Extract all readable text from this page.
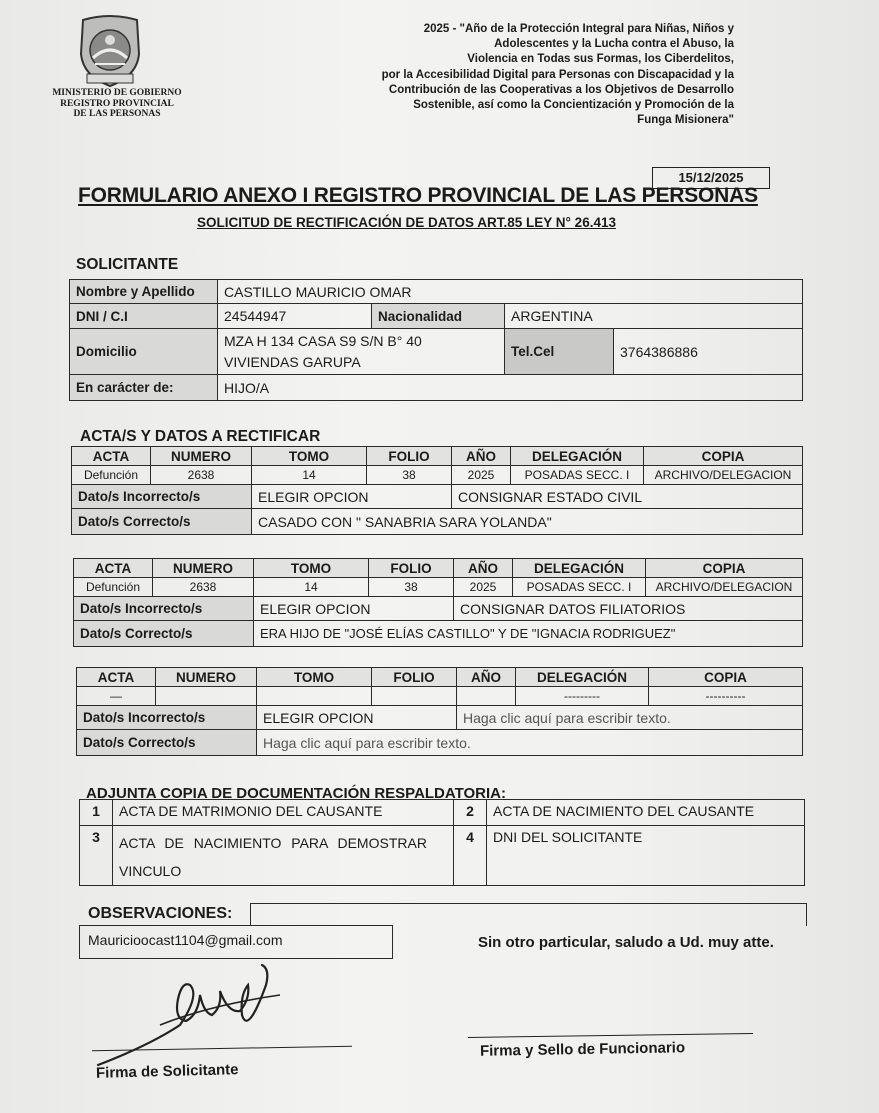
MINISTERIO DE GOBIERNO
REGISTRO PROVINCIAL
DE LAS PERSONAS
2025 - "Año de la Protección Integral para Niñas, Niños y
Adolescentes y la Lucha contra el Abuso, la
Violencia en Todas sus Formas, los Ciberdelitos,
por la Accesibilidad Digital para Personas con Discapacidad y la
Contribución de las Cooperativas a los Objetivos de Desarrollo
Sostenible, así como la Concientización y Promoción de la
Funga Misionera"
15/12/2025
FORMULARIO ANEXO I REGISTRO PROVINCIAL DE LAS PERSONAS
SOLICITUD DE RECTIFICACIÓN DE DATOS ART.85 LEY N° 26.413
SOLICITANTE
Nombre y Apellido	CASTILLO MAURICIO OMAR			
DNI / C.I	24544947	Nacionalidad	ARGENTINA	
Domicilio	MZA H 134 CASA S9 S/N B° 40
VIVIENDAS GARUPA		Tel.Cel	3764386886
En carácter de:	HIJO/A			
ACTA/S Y DATOS A RECTIFICAR
ACTA	NUMERO	TOMO	FOLIO	AÑO	DELEGACIÓN	COPIA
Defunción	2638	14	38	2025	POSADAS SECC. I	ARCHIVO/DELEGACION
Dato/s Incorrecto/s		ELEGIR OPCION		CONSIGNAR ESTADO CIVIL		
Dato/s Correcto/s		CASADO CON " SANABRIA SARA YOLANDA"				
ACTA	NUMERO	TOMO	FOLIO	AÑO	DELEGACIÓN	COPIA
Defunción	2638	14	38	2025	POSADAS SECC. I	ARCHIVO/DELEGACION
Dato/s Incorrecto/s		ELEGIR OPCION		CONSIGNAR DATOS FILIATORIOS		
Dato/s Correcto/s		ERA HIJO DE "JOSÉ ELÍAS CASTILLO" Y DE "IGNACIA RODRIGUEZ"				
ACTA	NUMERO	TOMO	FOLIO	AÑO	DELEGACIÓN	COPIA
—					---------	----------
Dato/s Incorrecto/s		ELEGIR OPCION		Haga clic aquí para escribir texto.		
Dato/s Correcto/s		Haga clic aquí para escribir texto.				
ADJUNTA COPIA DE DOCUMENTACIÓN RESPALDATORIA:
1	ACTA DE MATRIMONIO DEL CAUSANTE	2	ACTA DE NACIMIENTO DEL CAUSANTE
3	ACTA DE NACIMIENTO PARA DEMOSTRAR VINCULO	4	DNI DEL SOLICITANTE
OBSERVACIONES:
Mauricioocast1104@gmail.com	Sin otro particular, saludo a Ud. muy atte.
Firma de Solicitante
Firma y Sello de Funcionario
